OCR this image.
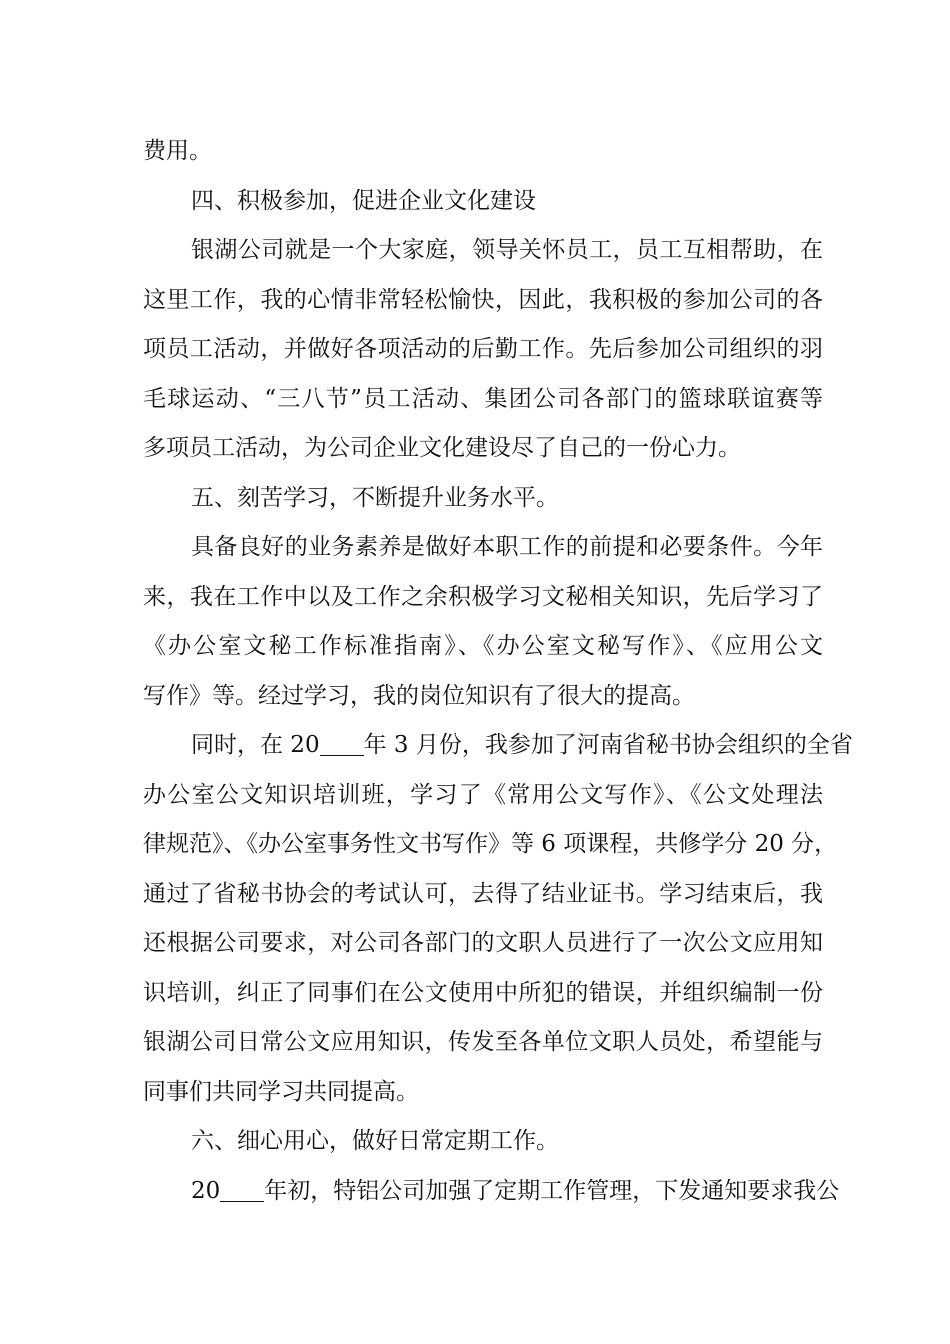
费用。
四、积极参加，促进企业文化建设
银湖公司就是一个大家庭，领导关怀员工，员工互相帮助，在
这里工作，我的心情非常轻松愉快，因此，我积极的参加公司的各
项员工活动，并做好各项活动的后勤工作。先后参加公司组织的羽
毛球运动、“三八节”员工活动、集团公司各部门的篮球联谊赛等
多项员工活动，为公司企业文化建设尽了自己的一份心力。
五、刻苦学习，不断提升业务水平。
具备良好的业务素养是做好本职工作的前提和必要条件。今年
来，我在工作中以及工作之余积极学习文秘相关知识，先后学习了
《办公室文秘工作标准指南》、《办公室文秘写作》、《应用公文
写作》等。经过学习，我的岗位知识有了很大的提高。
同时，在 20 年 3 月份，我参加了河南省秘书协会组织的全省
办公室公文知识培训班，学习了《常用公文写作》、《公文处理法
律规范》、《办公室事务性文书写作》等 6 项课程，共修学分 20 分，
通过了省秘书协会的考试认可，去得了结业证书。学习结束后，我
还根据公司要求，对公司各部门的文职人员进行了一次公文应用知
识培训，纠正了同事们在公文使用中所犯的错误，并组织编制一份
银湖公司日常公文应用知识，传发至各单位文职人员处，希望能与
同事们共同学习共同提高。
六、细心用心，做好日常定期工作。
20 年初，特铝公司加强了定期工作管理，下发通知要求我公
